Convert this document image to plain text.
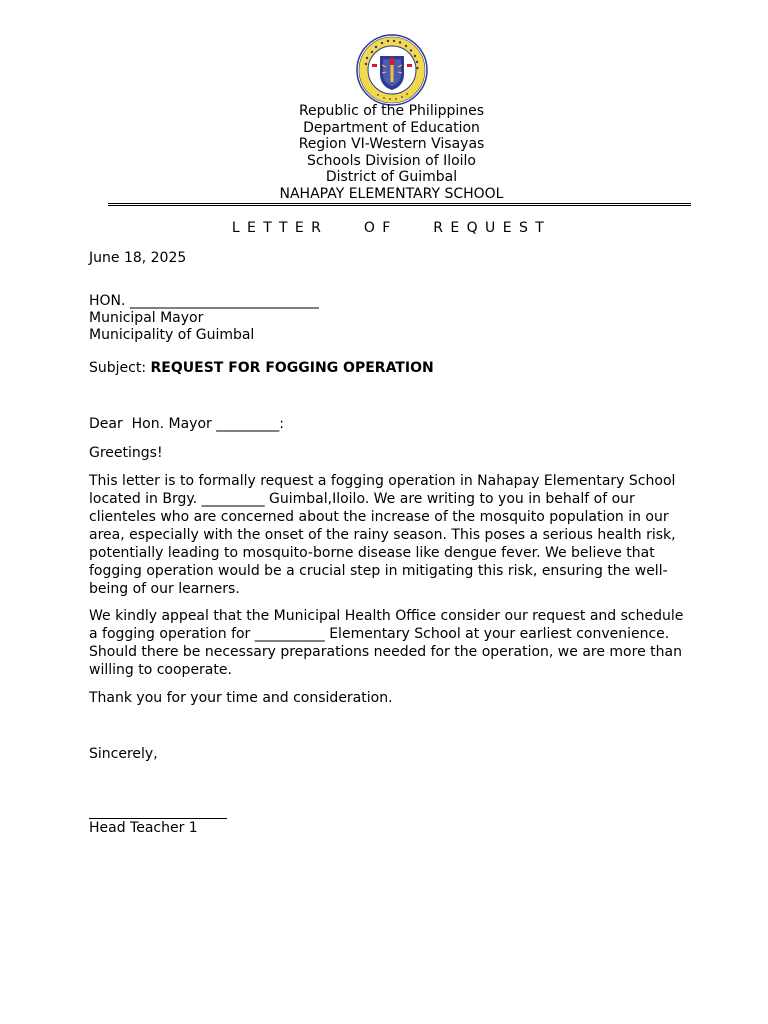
Republic of the Philippines
Department of Education
Region VI-Western Visayas
Schools Division of Iloilo
District of Guimbal
NAHAPAY ELEMENTARY SCHOOL
LETTER   OF   REQUEST
June 18, 2025
HON. ___________________________
Municipal Mayor
Municipality of Guimbal
Subject: REQUEST FOR FOGGING OPERATION
Dear  Hon. Mayor _________:
Greetings!
This letter is to formally request a fogging operation in Nahapay Elementary School located in Brgy. _________ Guimbal,Iloilo. We are writing to you in behalf of our clienteles who are concerned about the increase of the mosquito population in our area, especially with the onset of the rainy season. This poses a serious health risk, potentially leading to mosquito-borne disease like dengue fever. We believe that fogging operation would be a crucial step in mitigating this risk, ensuring the well-being of our learners.
We kindly appeal that the Municipal Health Office consider our request and schedule a fogging operation for __________ Elementary School at your earliest convenience. Should there be necessary preparations needed for the operation, we are more than willing to cooperate.
Thank you for your time and consideration.
Sincerely,
Head Teacher 1
